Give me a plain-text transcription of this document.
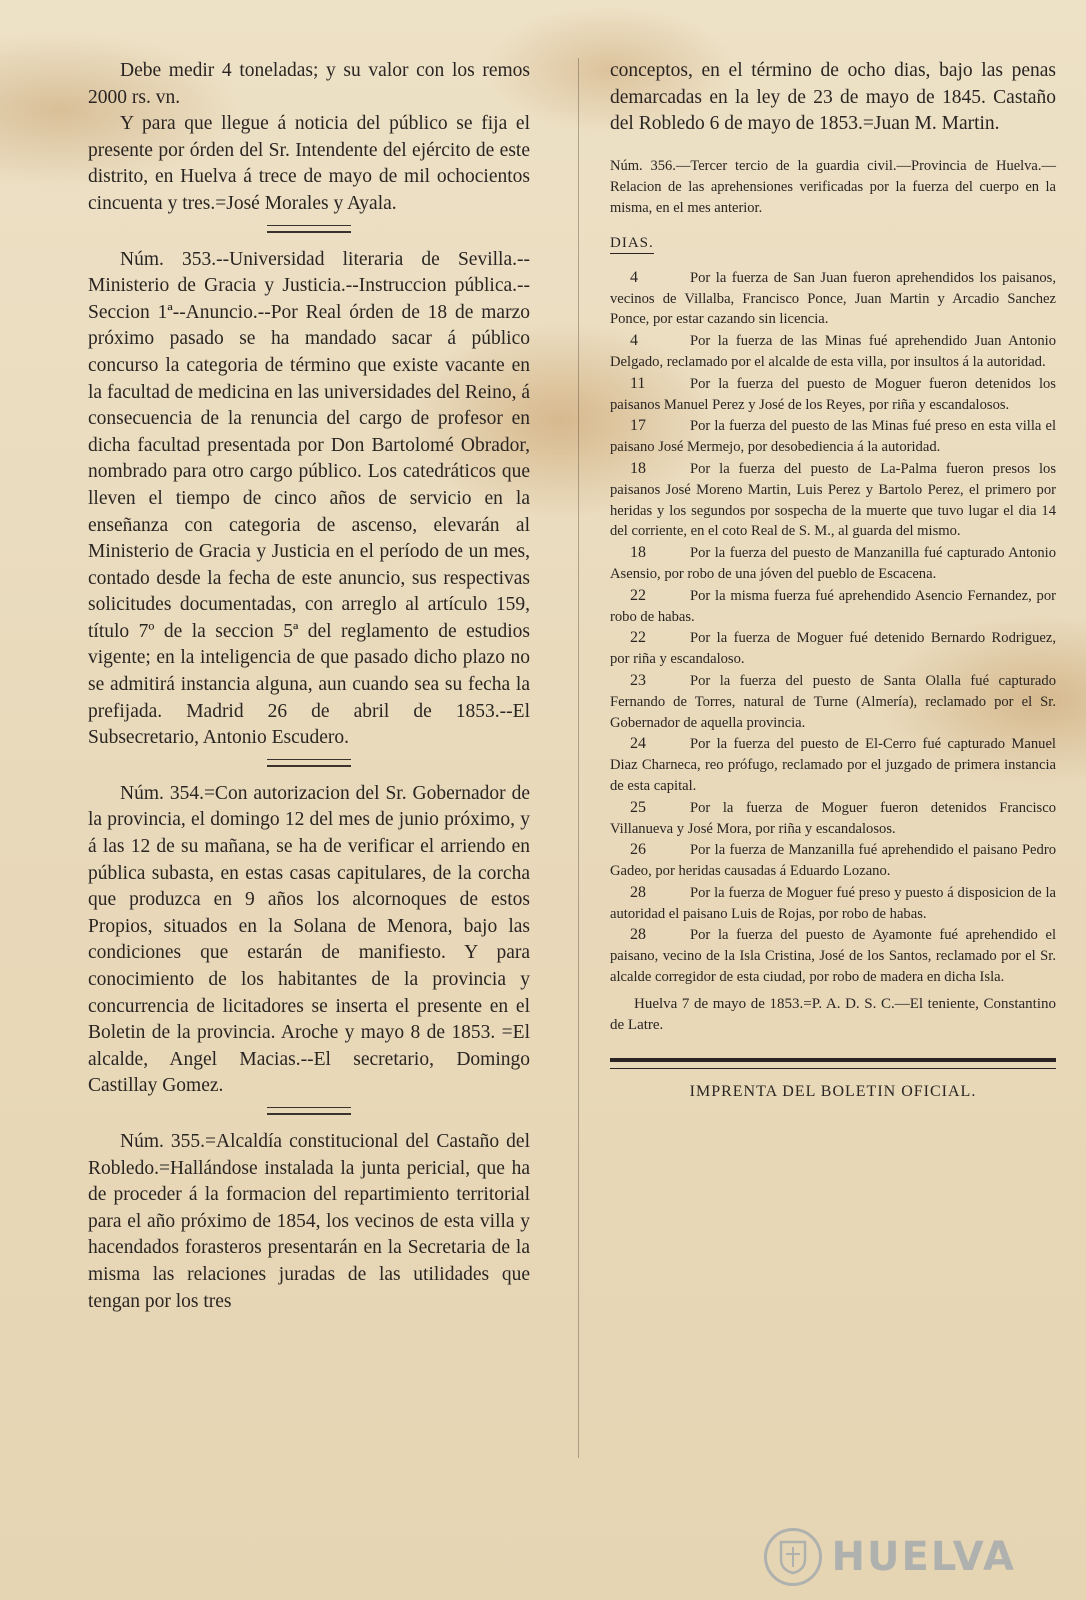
Debe medir 4 toneladas; y su valor con los remos 2000 rs. vn.

Y para que llegue á noticia del público se fija el presente por órden del Sr. Intendente del ejército de este distrito, en Huelva á trece de mayo de mil ochocientos cincuenta y tres.=José Morales y Ayala.

Núm. 353.--Universidad literaria de Sevilla.--Ministerio de Gracia y Justicia.--Instruccion pública.--Seccion 1ª--Anuncio.--Por Real órden de 18 de marzo próximo pasado se ha mandado sacar á público concurso la categoria de término que existe vacante en la facultad de medicina en las universidades del Reino, á consecuencia de la renuncia del cargo de profesor en dicha facultad presentada por Don Bartolomé Obrador, nombrado para otro cargo público. Los catedráticos que lleven el tiempo de cinco años de servicio en la enseñanza con categoria de ascenso, elevarán al Ministerio de Gracia y Justicia en el período de un mes, contado desde la fecha de este anuncio, sus respectivas solicitudes documentadas, con arreglo al artículo 159, título 7º de la seccion 5ª del reglamento de estudios vigente; en la inteligencia de que pasado dicho plazo no se admitirá instancia alguna, aun cuando sea su fecha la prefijada. Madrid 26 de abril de 1853.--El Subsecretario, Antonio Escudero.

Núm. 354.=Con autorizacion del Sr. Gobernador de la provincia, el domingo 12 del mes de junio próximo, y á las 12 de su mañana, se ha de verificar el arriendo en pública subasta, en estas casas capitulares, de la corcha que produzca en 9 años los alcornoques de estos Propios, situados en la Solana de Menora, bajo las condiciones que estarán de manifiesto. Y para conocimiento de los habitantes de la provincia y concurrencia de licitadores se inserta el presente en el Boletin de la provincia. Aroche y mayo 8 de 1853. =El alcalde, Angel Macias.--El secretario, Domingo Castillay Gomez.

Núm. 355.=Alcaldía constitucional del Castaño del Robledo.=Hallándose instalada la junta pericial, que ha de proceder á la formacion del repartimiento territorial para el año próximo de 1854, los vecinos de esta villa y hacendados forasteros presentarán en la Secretaria de la misma las relaciones juradas de las utilidades que tengan por los tres

conceptos, en el término de ocho dias, bajo las penas demarcadas en la ley de 23 de mayo de 1845. Castaño del Robledo 6 de mayo de 1853.=Juan M. Martin.

Núm. 356.—Tercer tercio de la guardia civil.—Provincia de Huelva.—Relacion de las aprehensiones verificadas por la fuerza del cuerpo en la misma, en el mes anterior.

DIAS.
4	Por la fuerza de San Juan fueron aprehendidos los paisanos, vecinos de Villalba, Francisco Ponce, Juan Martin y Arcadio Sanchez Ponce, por estar cazando sin licencia.

4	Por la fuerza de las Minas fué aprehendido Juan Antonio Delgado, reclamado por el alcalde de esta villa, por insultos á la autoridad.

11	Por la fuerza del puesto de Moguer fueron detenidos los paisanos Manuel Perez y José de los Reyes, por riña y escandalosos.

17	Por la fuerza del puesto de las Minas fué preso en esta villa el paisano José Mermejo, por desobediencia á la autoridad.

18	Por la fuerza del puesto de La-Palma fueron presos los paisanos José Moreno Martin, Luis Perez y Bartolo Perez, el primero por heridas y los segundos por sospecha de la muerte que tuvo lugar el dia 14 del corriente, en el coto Real de S. M., al guarda del mismo.

18	Por la fuerza del puesto de Manzanilla fué capturado Antonio Asensio, por robo de una jóven del pueblo de Escacena.

22	Por la misma fuerza fué aprehendido Asencio Fernandez, por robo de habas.

22	Por la fuerza de Moguer fué detenido Bernardo Rodriguez, por riña y escandaloso.

23	Por la fuerza del puesto de Santa Olalla fué capturado Fernando de Torres, natural de Turne (Almería), reclamado por el Sr. Gobernador de aquella provincia.

24	Por la fuerza del puesto de El-Cerro fué capturado Manuel Diaz Charneca, reo prófugo, reclamado por el juzgado de primera instancia de esta capital.

25	Por la fuerza de Moguer fueron detenidos Francisco Villanueva y José Mora, por riña y escandalosos.

26	Por la fuerza de Manzanilla fué aprehendido el paisano Pedro Gadeo, por heridas causadas á Eduardo Lozano.

28	Por la fuerza de Moguer fué preso y puesto á disposicion de la autoridad el paisano Luis de Rojas, por robo de habas.

28	Por la fuerza del puesto de Ayamonte fué aprehendido el paisano, vecino de la Isla Cristina, José de los Santos, reclamado por el Sr. alcalde corregidor de esta ciudad, por robo de madera en dicha Isla.

Huelva 7 de mayo de 1853.=P. A. D. S. C.—El teniente, Constantino de Latre.

IMPRENTA DEL BOLETIN OFICIAL.
HUELVA
